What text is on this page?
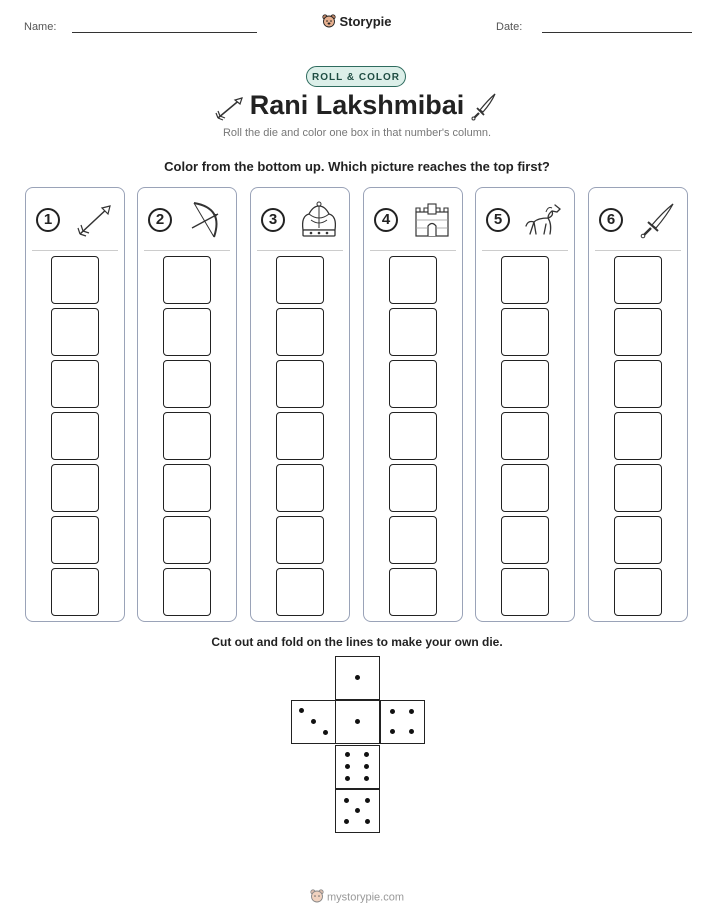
Name:	Storypie	Date:
ROLL & COLOR
Rani Lakshmibai
Roll the die and color one box in that number's column.
Color from the bottom up. Which picture reaches the top first?
1	2	3	4	5	6
Cut out and fold on the lines to make your own die.
mystorypie.com
